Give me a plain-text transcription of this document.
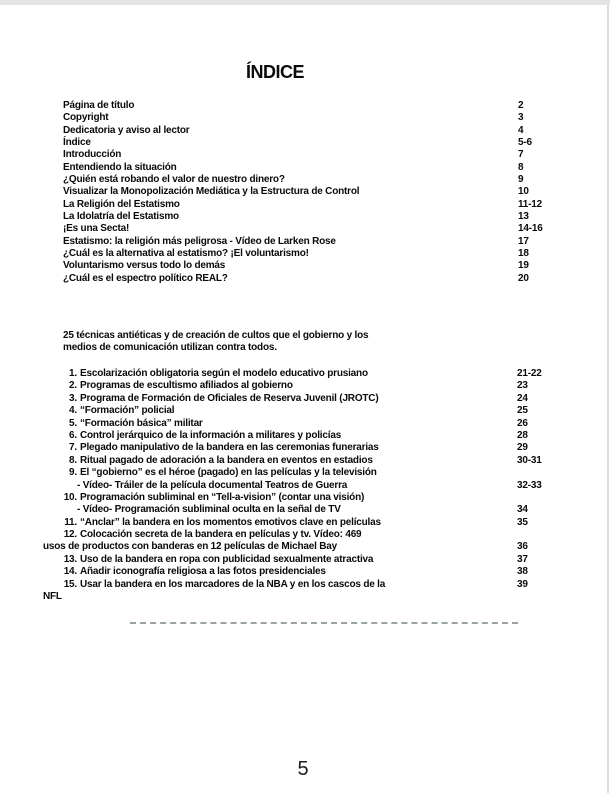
ÍNDICE
Página de título	2
Copyright	3
Dedicatoria y aviso al lector	4
Índice	5-6
Introducción	7
Entendiendo la situación	8
¿Quién está robando el valor de nuestro dinero?	9
Visualizar la Monopolización Mediática y la Estructura de Control	10
La Religión del Estatismo	11-12
La Idolatría del Estatismo	13
¡Es una Secta!	14-16
Estatismo: la religión más peligrosa - Vídeo de Larken Rose	17
¿Cuál es la alternativa al estatismo? ¡El voluntarismo!	18
Voluntarismo versus todo lo demás	19
¿Cuál es el espectro político REAL?	20
25 técnicas antiéticas y de creación de cultos que el gobierno y los
medios de comunicación utilizan contra todos.
1. Escolarización obligatoria según el modelo educativo prusiano	21-22
2. Programas de escultismo afiliados al gobierno	23
3. Programa de Formación de Oficiales de Reserva Juvenil (JROTC)	24
4. “Formación” policial	25
5. “Formación básica” militar	26
6. Control jerárquico de la información a militares y policías	28
7. Plegado manipulativo de la bandera en las ceremonias funerarias	29
8. Ritual pagado de adoración a la bandera en eventos en estadios	30-31
9. El “gobierno” es el héroe (pagado) en las películas y la televisión
- Vídeo- Tráiler de la película documental Teatros de Guerra	32-33
10. Programación subliminal en “Tell-a-vision” (contar una visión)
- Vídeo- Programación subliminal oculta en la señal de TV	34
11. “Anclar” la bandera en los momentos emotivos clave en películas	35
12. Colocación secreta de la bandera en películas y tv. Vídeo: 469
usos de productos con banderas en 12 películas de Michael Bay	36
13. Uso de la bandera en ropa con publicidad sexualmente atractiva	37
14. Añadir iconografía religiosa a las fotos presidenciales	38
15. Usar la bandera en los marcadores de la NBA y en los cascos de la	39
NFL
5
